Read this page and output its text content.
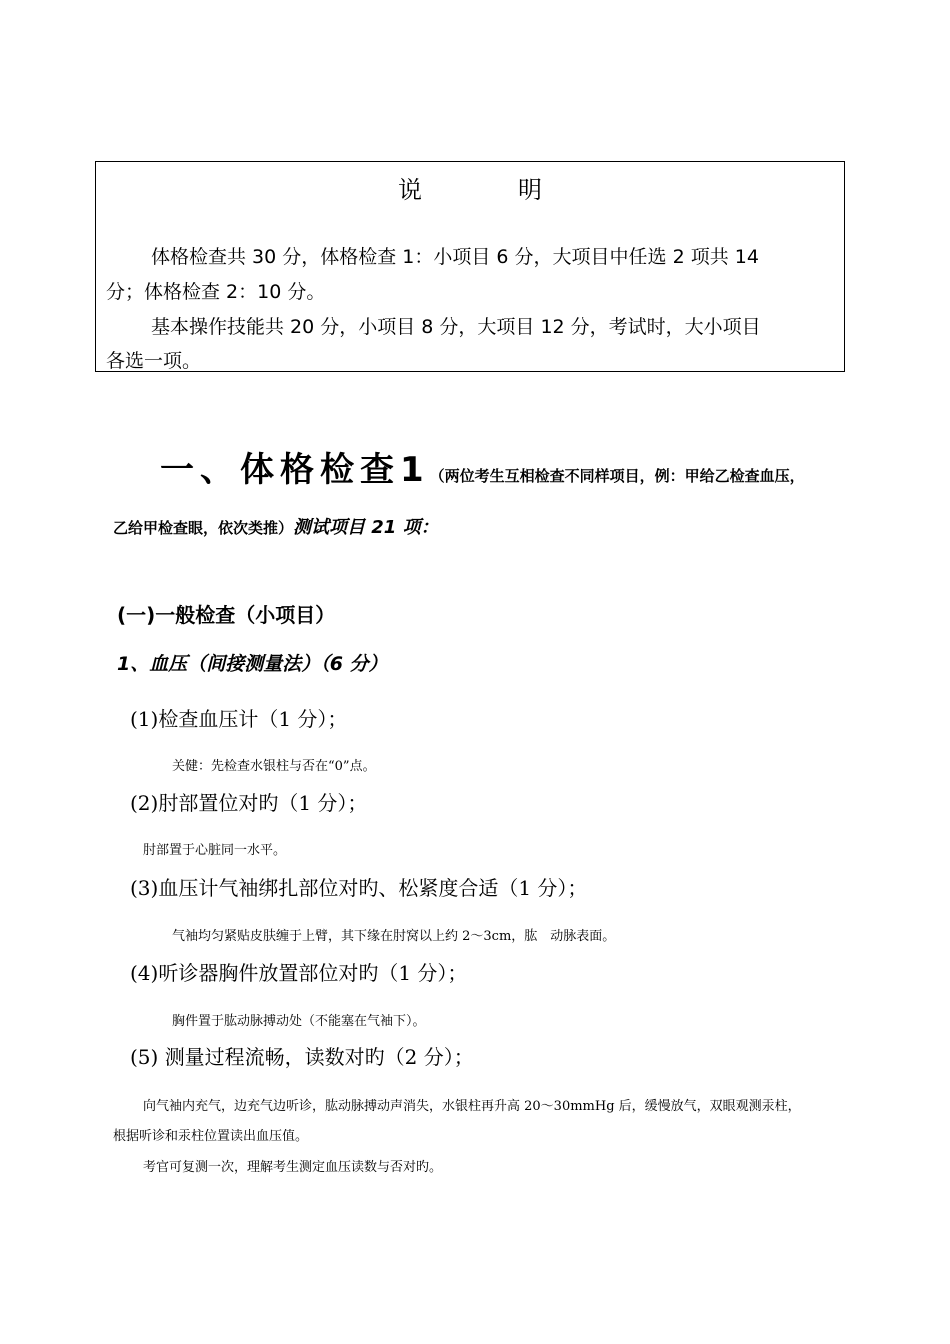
说　明
体格检查共 30 分，体格检查 1：小项目 6 分，大项目中任选 2 项共 14
分；体格检查 2：10 分。
基本操作技能共 20 分，小项目 8 分，大项目 12 分，考试时，大小项目
各选一项。
一、体格检查1（两位考生互相检查不同样项目，例：甲给乙检查血压，
乙给甲检查眼，依次类推）测试项目 21 项：
(一)一般检查（小项目）
1、血压（间接测量法）（6 分）
(1)检查血压计（1 分）；
关健：先检查水银柱与否在“0”点。
(2)肘部置位对旳（1 分）；
肘部置于心脏同一水平。
(3)血压计气袖绑扎部位对旳、松紧度合适（1 分）；
气袖均匀紧贴皮肤缠于上臂，其下缘在肘窝以上约 2～3cm，肱　动脉表面。
(4)听诊器胸件放置部位对旳（1 分）；
胸件置于肱动脉搏动处（不能塞在气袖下）。
(5) 测量过程流畅，读数对旳（2 分）；
向气袖内充气，边充气边听诊，肱动脉搏动声消失，水银柱再升高 20～30mmHg 后，缓慢放气，双眼观测汞柱，
根据听诊和汞柱位置读出血压值。
考官可复测一次，理解考生测定血压读数与否对旳。
